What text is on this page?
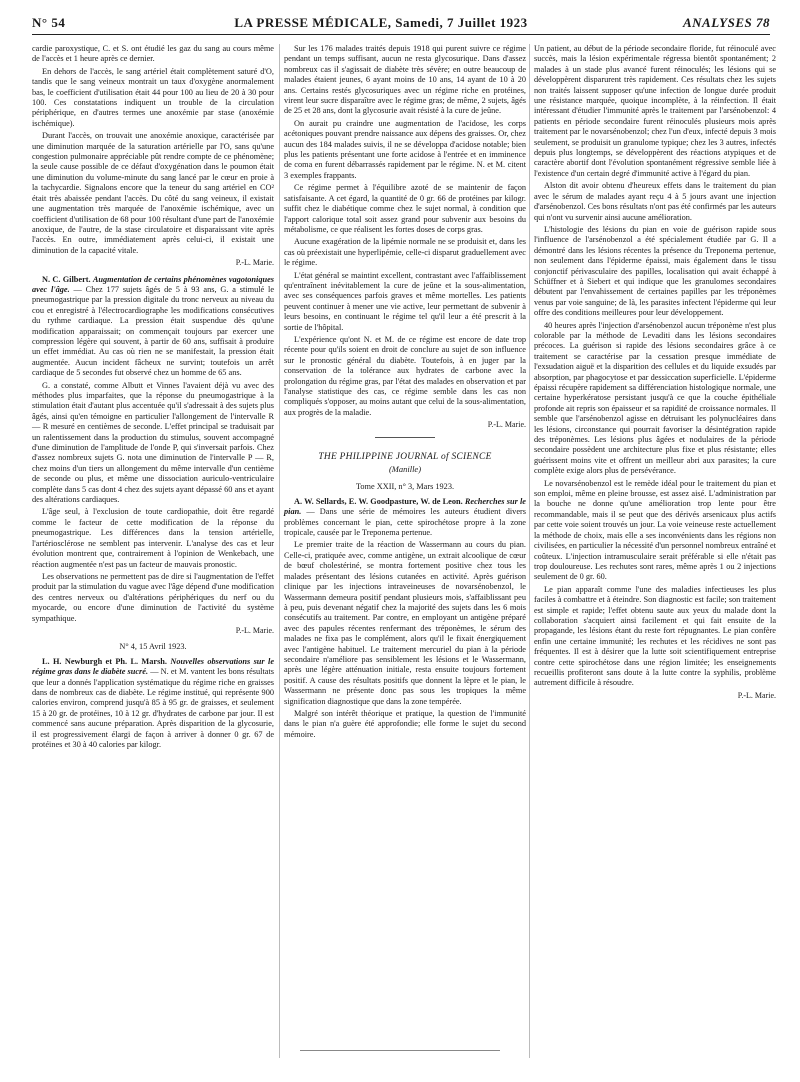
N° 54	LA PRESSE MÉDICALE, Samedi, 7 Juillet 1923	ANALYSES 78

cardie paroxystique, C. et S. ont étudié les gaz du sang au cours même de l'accès et 1 heure après ce dernier.

En dehors de l'accès, le sang artériel était complètement saturé d'O, tandis que le sang veineux montrait un taux d'oxygène anormalement bas, le coefficient d'utilisation était 44 pour 100 au lieu de 20 à 30 pour 100. Ces constatations indiquent un trouble de la circulation périphérique, en d'autres termes une anoxémie par stase (anoxémie ischémique).

Durant l'accès, on trouvait une anoxémie anoxique, caractérisée par une diminution marquée de la saturation artérielle par l'O, sans qu'une congestion pulmonaire appréciable pût rendre compte de ce phénomène; la seule cause possible de ce défaut d'oxygénation dans le poumon était une diminution du volume-minute du sang lancé par le cœur en proie à la tachycardie. Signalons encore que la teneur du sang artériel en CO² était très abaissée pendant l'accès. Du côté du sang veineux, il existait une augmentation très marquée de l'anoxémie ischémique, avec un coefficient d'utilisation de 68 pour 100 résultant d'une part de l'anoxémie anoxique, de l'autre, de la stase circulatoire et disparaissant vite après l'accès. En outre, immédiatement après celui-ci, il existait une diminution de la capacité vitale.

P.-L. Marie.

N. C. Gilbert. Augmentation de certains phénomènes vagotoniques avec l'âge. — Chez 177 sujets âgés de 5 à 93 ans, G. a stimulé le pneumogastrique par la pression digitale du tronc nerveux au niveau du cou et enregistré à l'électrocardiographe les modifications consécutives du rythme cardiaque. La pression était suspendue dès qu'une modification apparaissait; on commençait toujours par exercer une compression légère qui souvent, à partir de 60 ans, suffisait à produire un effet immédiat. Au cas où rien ne se manifestait, la pression était augmentée. Aucun incident fâcheux ne survint; toutefois un arrêt cardiaque de 5 secondes fut observé chez un homme de 65 ans.

G. a constaté, comme Albutt et Vinnes l'avaient déjà vu avec des méthodes plus imparfaites, que la réponse du pneumogastrique à la stimulation était d'autant plus accentuée qu'il s'adressait à des sujets plus âgés, ainsi qu'en témoigne en particulier l'allongement de l'intervalle R — R mesuré en centièmes de seconde. L'effet principal se traduisait par un ralentissement dans la production du stimulus, souvent accompagné d'une diminution de l'amplitude de l'onde P, qui s'inversait parfois. Chez d'assez nombreux sujets G. nota une diminution de l'intervalle P — R, chez moins d'un tiers un allongement du même intervalle d'un centième de seconde ou plus, et même une dissociation auriculo-ventriculaire complète dans 5 cas dont 4 chez des sujets ayant dépassé 60 ans et ayant des altérations cardiaques.

L'âge seul, à l'exclusion de toute cardiopathie, doit être regardé comme le facteur de cette modification de la réponse du pneumogastrique. Les différences dans la tension artérielle, l'artériosclérose ne semblent pas intervenir. L'analyse des cas et leur évolution montrent que, contrairement à l'opinion de Wenkebach, une réaction augmentée n'est pas un facteur de mauvais pronostic.

Les observations ne permettent pas de dire si l'augmentation de l'effet produit par la stimulation du vague avec l'âge dépend d'une modification des centres nerveux ou d'altérations périphériques du nerf ou du myocarde, ou encore d'une diminution de l'activité du système sympathique.

P.-L. Marie.
N° 4, 15 Avril 1923.

L. H. Newburgh et Ph. L. Marsh. Nouvelles observations sur le régime gras dans le diabète sucré. — N. et M. vantent les bons résultats que leur a donnés l'application systématique du régime riche en graisses dans de nombreux cas de diabète. Le régime institué, qui représente 900 calories environ, comprend jusqu'à 85 à 95 gr. de graisses, et seulement 15 à 20 gr. de protéines, 10 à 12 gr. d'hydrates de carbone par jour. Il est commencé sans aucune préparation. Après disparition de la glycosurie, il est progressivement élargi de façon à arriver à donner 0 gr. 67 de protéines et 30 à 40 calories par kilogr.

Sur les 176 malades traités depuis 1918 qui purent suivre ce régime pendant un temps suffisant, aucun ne resta glycosurique. Dans d'assez nombreux cas il s'agissait de diabète très sévère; en outre beaucoup de malades étaient jeunes, 6 ayant moins de 10 ans, 14 ayant de 10 à 20 ans. Certains restés glycosuriques avec un régime riche en protéines, virent leur sucre disparaître avec le régime gras; de même, 2 sujets, âgés de 25 et 28 ans, dont la glycosurie avait résisté à la cure de jeûne.

On aurait pu craindre une augmentation de l'acidose, les corps acétoniques pouvant prendre naissance aux dépens des graisses. Or, chez aucun des 184 malades suivis, il ne se développa d'acidose notable; bien plus les patients présentant une forte acidose à l'entrée et en imminence de coma en furent débarrassés rapidement par le régime. N. et M. citent 3 exemples frappants.

Ce régime permet à l'équilibre azoté de se maintenir de façon satisfaisante. A cet égard, la quantité de 0 gr. 66 de protéines par kilogr. suffit chez le diabétique comme chez le sujet normal, à condition que l'apport calorique total soit assez grand pour subvenir aux besoins du métabolisme, ce que réalisent les fortes doses de corps gras.

Aucune exagération de la lipémie normale ne se produisit et, dans les cas où préexistait une hyperlipémie, celle-ci disparut graduellement avec le régime.

L'état général se maintint excellent, contrastant avec l'affaiblissement qu'entraînent inévitablement la cure de jeûne et la sous-alimentation, avec ses conséquences parfois graves et même mortelles. Les patients peuvent continuer à mener une vie active, leur permettant de subvenir à leurs besoins, en continuant le régime tel qu'il leur a été prescrit à la sortie de l'hôpital.

L'expérience qu'ont N. et M. de ce régime est encore de date trop récente pour qu'ils soient en droit de conclure au sujet de son influence sur le pronostic général du diabète. Toutefois, à en juger par la conservation de la tolérance aux hydrates de carbone avec la prolongation du régime gras, par l'état des malades en observation et par l'analyse statistique des cas, ce régime semble dans les cas non compliqués s'opposer, au moins autant que celui de la sous-alimentation, aux progrès de la maladie.

P.-L. Marie.
THE PHILIPPINE JOURNAL of SCIENCE
(Manille)
Tome XXII, n° 3, Mars 1923.

A. W. Sellards, E. W. Goodpasture, W. de Leon. Recherches sur le pian. — Dans une série de mémoires les auteurs étudient divers problèmes concernant le pian, cette spirochétose propre à la zone tropicale, causée par le Treponema pertenue.

Le premier traite de la réaction de Wassermann au cours du pian. Celle-ci, pratiquée avec, comme antigène, un extrait alcoolique de cœur de bœuf cholestériné, se montra fortement positive chez tous les malades présentant des lésions cutanées en activité. Après guérison clinique par les injections intraveineuses de novarsénobenzol, le Wassermann demeura positif pendant plusieurs mois, s'affaiblissant peu à peu, puis devenant négatif chez la majorité des sujets dans les 6 mois consécutifs au traitement. Par contre, en employant un antigène préparé avec des papules récentes renfermant des tréponèmes, le sérum des malades ne fixa pas le complément, alors qu'il le fixait énergiquement avec l'antigène habituel. Le traitement mercuriel du pian à la période secondaire n'améliore pas sensiblement les lésions et le Wassermann, après une légère atténuation initiale, resta ensuite toujours fortement positif. A cause des résultats positifs que donnent la lèpre et le pian, le Wassermann ne présente donc pas sous les tropiques la même signification diagnostique que dans la zone tempérée.

Malgré son intérêt théorique et pratique, la question de l'immunité dans le pian n'a guère été approfondie; elle forme le sujet du second mémoire.

Un patient, au début de la période secondaire floride, fut réinoculé avec succès, mais la lésion expérimentale régressa bientôt spontanément; 2 malades à un stade plus avancé furent réinoculés; les lésions qui se développèrent disparurent très rapidement. Ces résultats chez les sujets non traités laissent supposer qu'une infection de longue durée produit une résistance marquée, quoique incomplète, à la réinfection. Il était intéressant d'étudier l'immunité après le traitement par l'arsénobenzol: 4 patients en période secondaire furent réinoculés plusieurs mois après traitement par le novarsénobenzol; chez l'un d'eux, infecté depuis 3 mois seulement, se produisit un granulome typique; chez les 3 autres, infectés depuis plus longtemps, se développèrent des réactions atypiques et de caractère abortif dont l'évolution spontanément régressive semble liée à l'existence d'un certain degré d'immunité active à l'égard du pian.

Alston dit avoir obtenu d'heureux effets dans le traitement du pian avec le sérum de malades ayant reçu 4 à 5 jours avant une injection d'arsénobenzol. Ces bons résultats n'ont pas été confirmés par les auteurs qui n'ont vu survenir ainsi aucune amélioration.

L'histologie des lésions du pian en voie de guérison rapide sous l'influence de l'arsénobenzol a été spécialement étudiée par G. Il a démontré dans les lésions récentes la présence du Treponema pertenue, non seulement dans l'épiderme épaissi, mais également dans le tissu conjonctif périvasculaire des papilles, localisation qui avait échappé à Schüffner et à Siebert et qui indique que les granulomes secondaires débutent par l'envahissement de certaines papilles par les tréponèmes venus par voie sanguine; de là, les parasites infectent l'épiderme qui leur offre des conditions meilleures pour leur développement.

40 heures après l'injection d'arsénobenzol aucun tréponème n'est plus colorable par la méthode de Levaditi dans les lésions secondaires précoces. La guérison si rapide des lésions secondaires grâce à ce traitement se caractérise par la cessation presque immédiate de l'exsudation aiguë et la disparition des cellules et du liquide exsudés par absorption, par phagocytose et par dessiccation superficielle. L'épiderme épaissi récupère rapidement sa différenciation histologique normale, une certaine hyperkératose persistant jusqu'à ce que la couche épithéliale profonde ait repris son épaisseur et sa rapidité de croissance normales. Il semble que l'arsénobenzol agisse en détruisant les polynucléaires dans les lésions, circonstance qui pourrait favoriser la désintégration rapide des tréponèmes. Les lésions plus âgées et nodulaires de la période secondaire possèdent une architecture plus fixe et plus résistante; elles guérissent moins vite et offrent un meilleur abri aux parasites; la cure complète exige alors plus de persévérance.

Le novarsénobenzol est le remède idéal pour le traitement du pian et son emploi, même en pleine brousse, est assez aisé. L'administration par la bouche ne donne qu'une amélioration trop lente pour être recommandable, mais il se peut que des dérivés arsenicaux plus actifs par cette voie soient trouvés un jour. La voie veineuse reste actuellement la méthode de choix, mais elle a ses inconvénients dans les régions non civilisées, en particulier la nécessité d'un personnel nombreux entraîné et coûteux. L'injection intramusculaire serait préférable si elle n'était pas trop douloureuse. Les rechutes sont rares, même après 1 ou 2 injections seulement de 0 gr. 60.

Le pian apparaît comme l'une des maladies infectieuses les plus faciles à combattre et à éteindre. Son diagnostic est facile; son traitement est simple et rapide; l'effet obtenu saute aux yeux du malade dont la collaboration s'acquiert ainsi facilement et qui fait ensuite de la propagande, les lésions étant du reste fort répugnantes. Le pian confère enfin une certaine immunité; les rechutes et les récidives ne sont pas fréquentes. Il est à désirer que la lutte soit scientifiquement entreprise contre cette spirochétose dans une région limitée; les enseignements recueillis profiteront sans doute à la lutte contre la syphilis, problème autrement difficile à résoudre.

P.-L. Marie.
